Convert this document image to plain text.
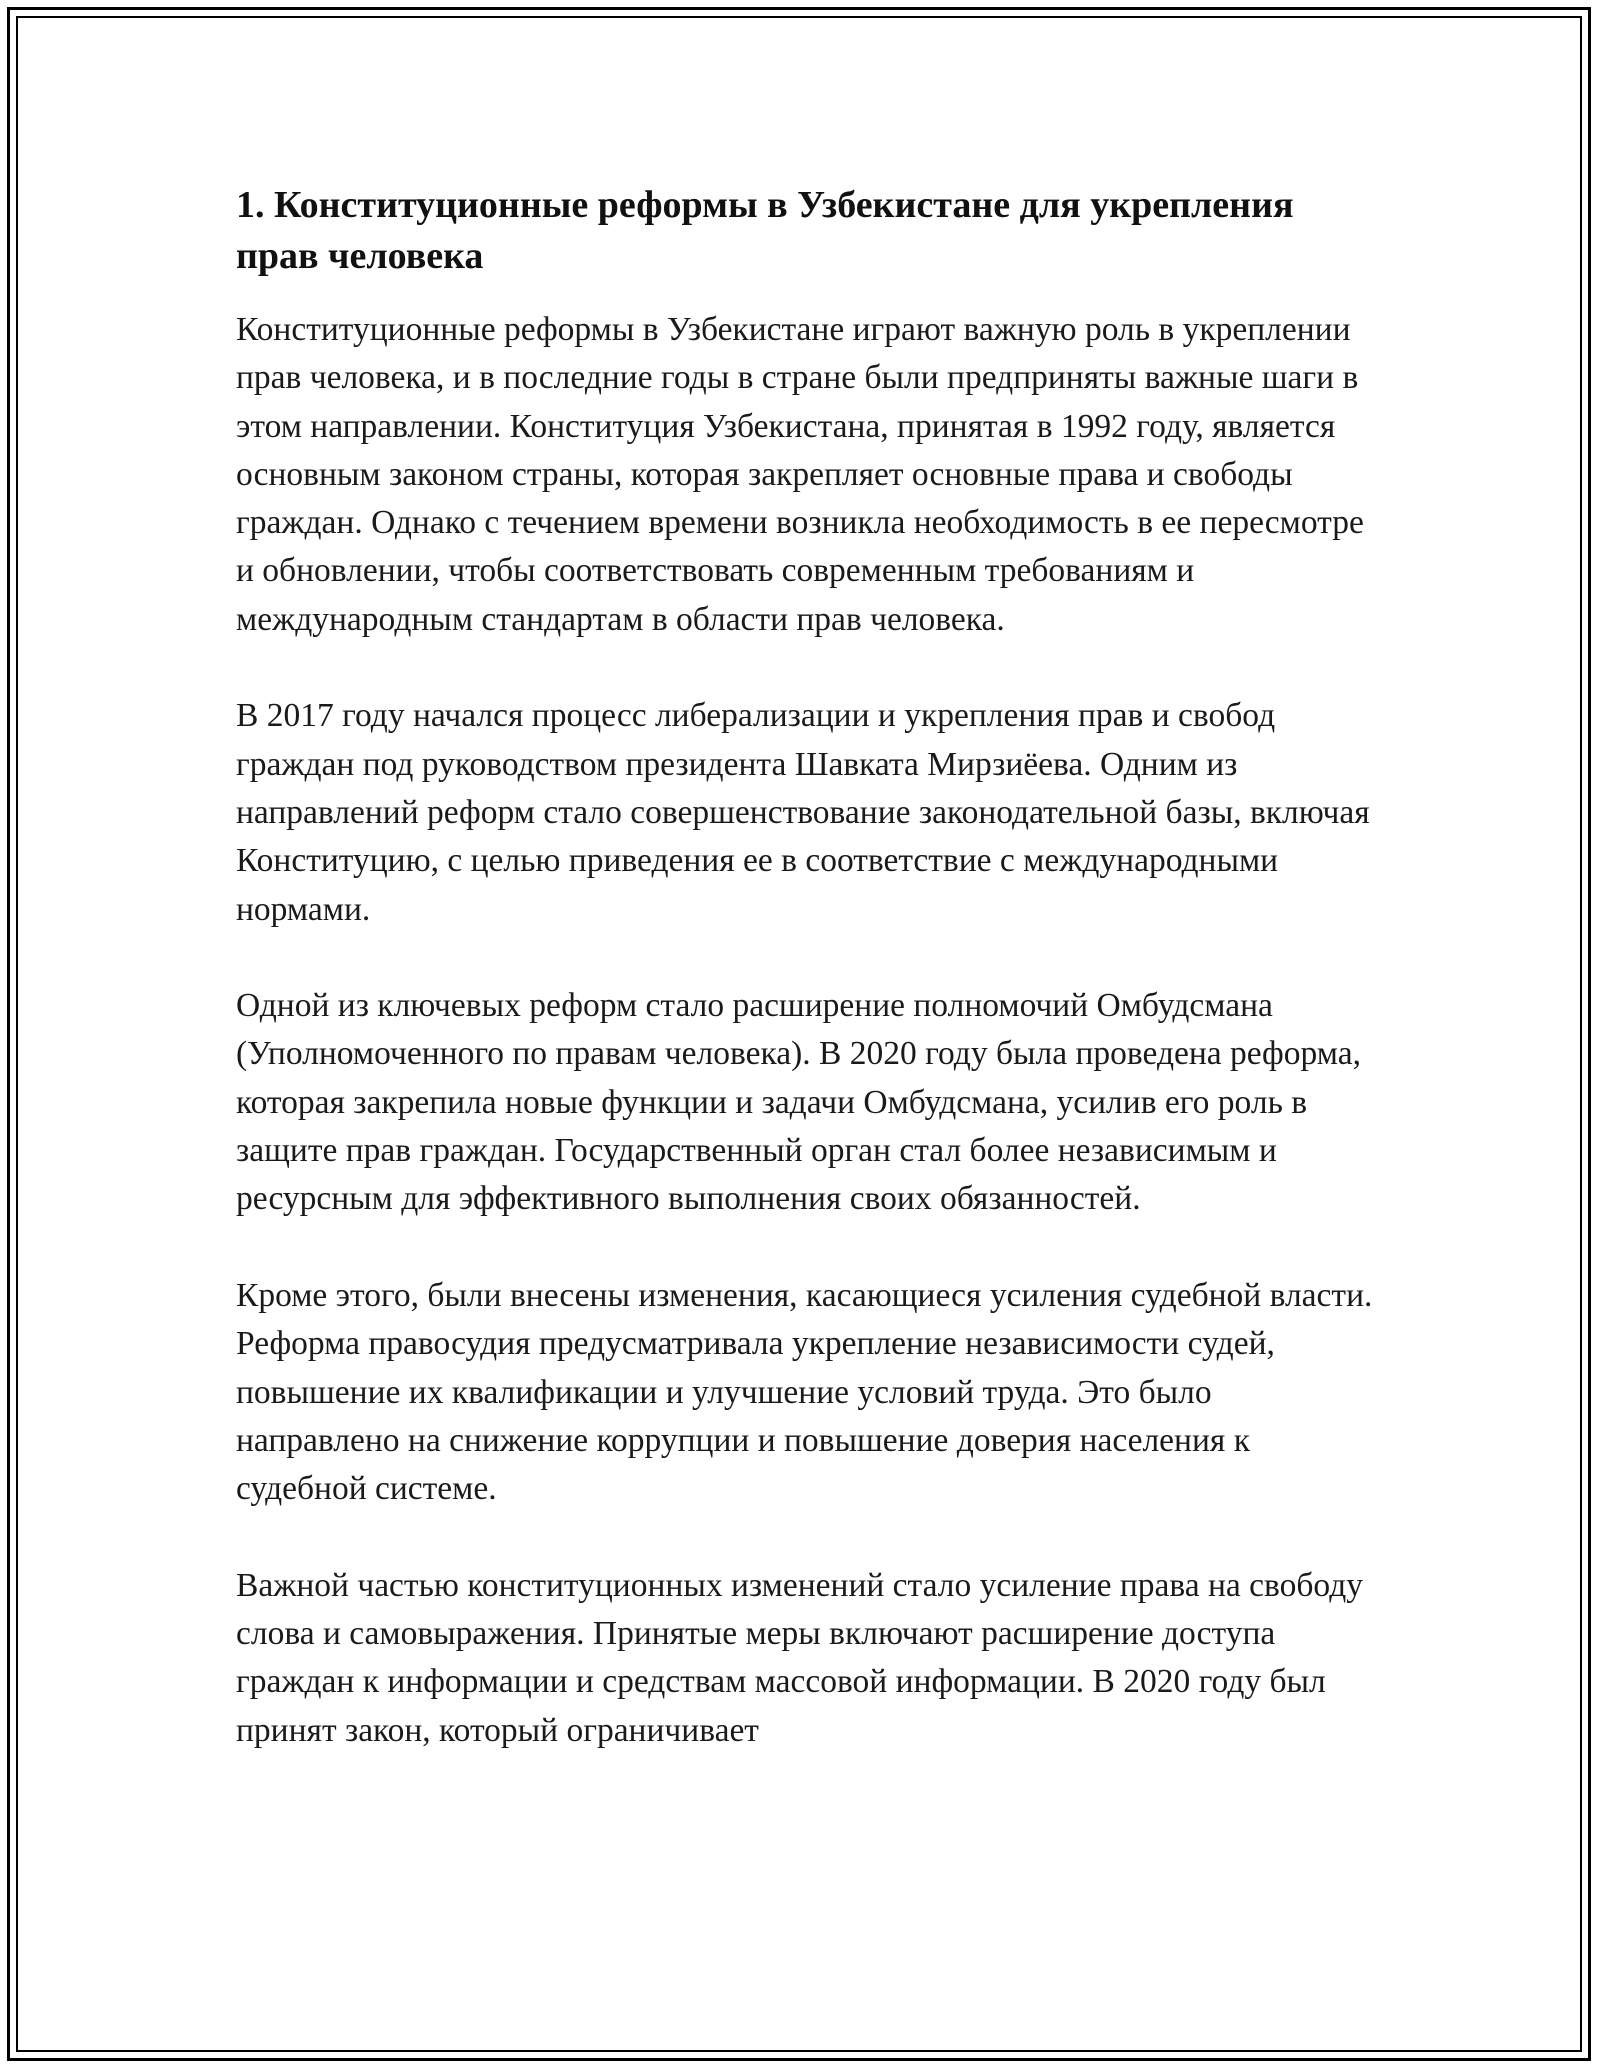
1. Конституционные реформы в Узбекистане для укрепления прав человека

Конституционные реформы в Узбекистане играют важную роль в укреплении прав человека, и в последние годы в стране были предприняты важные шаги в этом направлении. Конституция Узбекистана, принятая в 1992 году, является основным законом страны, которая закрепляет основные права и свободы граждан. Однако с течением времени возникла необходимость в ее пересмотре и обновлении, чтобы соответствовать современным требованиям и международным стандартам в области прав человека.

В 2017 году начался процесс либерализации и укрепления прав и свобод граждан под руководством президента Шавката Мирзиёева. Одним из направлений реформ стало совершенствование законодательной базы, включая Конституцию, с целью приведения ее в соответствие с международными нормами.

Одной из ключевых реформ стало расширение полномочий Омбудсмана (Уполномоченного по правам человека). В 2020 году была проведена реформа, которая закрепила новые функции и задачи Омбудсмана, усилив его роль в защите прав граждан. Государственный орган стал более независимым и ресурсным для эффективного выполнения своих обязанностей.

Кроме этого, были внесены изменения, касающиеся усиления судебной власти. Реформа правосудия предусматривала укрепление независимости судей, повышение их квалификации и улучшение условий труда. Это было направлено на снижение коррупции и повышение доверия населения к судебной системе.

Важной частью конституционных изменений стало усиление права на свободу слова и самовыражения. Принятые меры включают расширение доступа граждан к информации и средствам массовой информации. В 2020 году был принят закон, который ограничивает
